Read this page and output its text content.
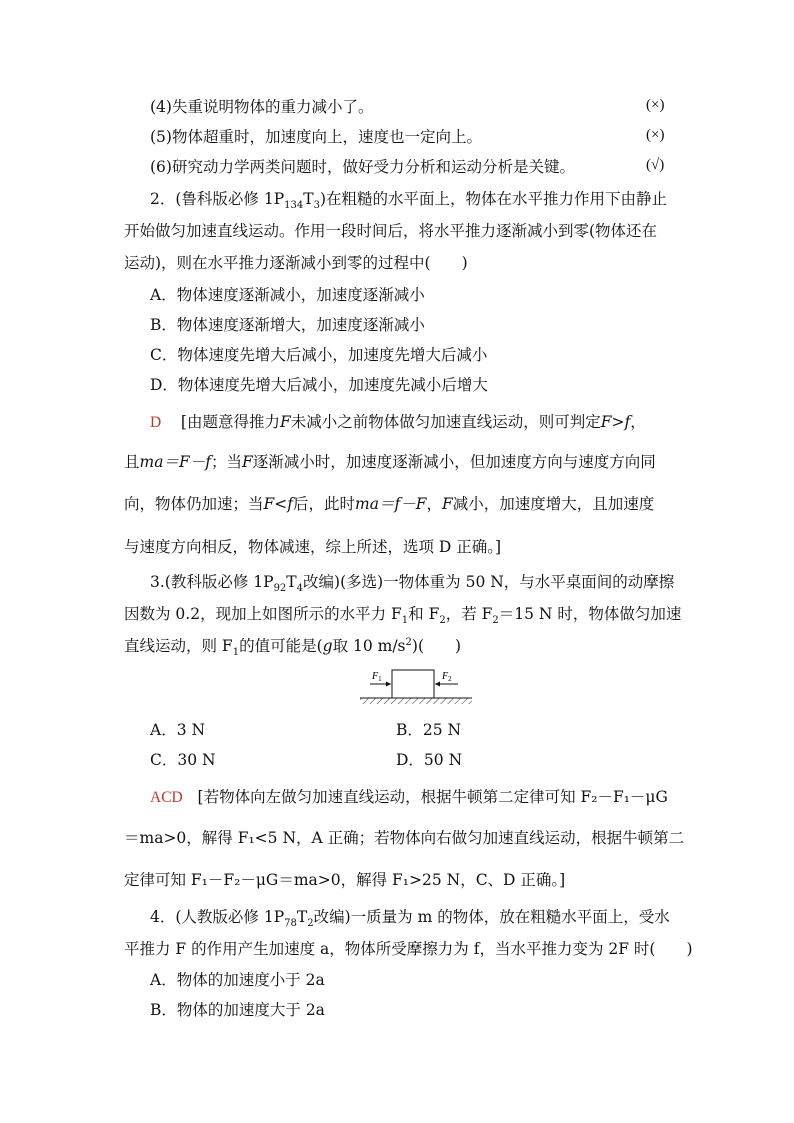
(4)失重说明物体的重力减小了。	(×)
(5)物体超重时，加速度向上，速度也一定向上。	(×)
(6)研究动力学两类问题时，做好受力分析和运动分析是关键。	(√)
2．(鲁科版必修 $1P_{134}T_3$)在粗糙的水平面上，物体在水平推力作用下由静止
开始做匀加速直线运动。作用一段时间后，将水平推力逐渐减小到零(物体还在
运动)，则在水平推力逐渐减小到零的过程中(　　)
A．物体速度逐渐减小，加速度逐渐减小
B．物体速度逐渐增大，加速度逐渐减小
C．物体速度先增大后减小，加速度先增大后减小
D．物体速度先增大后减小，加速度先减小后增大
D [由题意得推力F未减小之前物体做匀加速直线运动，则可判定F>f，
且ma＝F－f；当F逐渐减小时，加速度逐渐减小，但加速度方向与速度方向同
向，物体仍加速；当F<f后，此时ma＝f－F，F减小，加速度增大，且加速度
与速度方向相反，物体减速，综上所述，选项 D 正确。]
3.(教科版必修 $1P_{92}T_4$改编)(多选)一物体重为 50 N，与水平桌面间的动摩擦
因数为 0.2，现加上如图所示的水平力 $F_1$和 $F_2$，若 $F_2=15$ N 时，物体做匀加速
直线运动，则 $F_1$的值可能是(g取 10 $m/s^2$)(　　)
$F_1$	$F_2$
A．3 N	B．25 N
C．30 N	D．50 N
ACD [若物体向左做匀加速直线运动，根据牛顿第二定律可知 F₂－F₁－μG
＝ma>0，解得 F₁<5 N，A 正确；若物体向右做匀加速直线运动，根据牛顿第二
定律可知 F₁－F₂－μG＝ma>0，解得 F₁>25 N，C、D 正确。]
4．(人教版必修 $1P_{78}T_2$改编)一质量为 m 的物体，放在粗糙水平面上，受水
平推力 F 的作用产生加速度 a，物体所受摩擦力为 f，当水平推力变为 2F 时(　　)
A．物体的加速度小于 2a
B．物体的加速度大于 2a
